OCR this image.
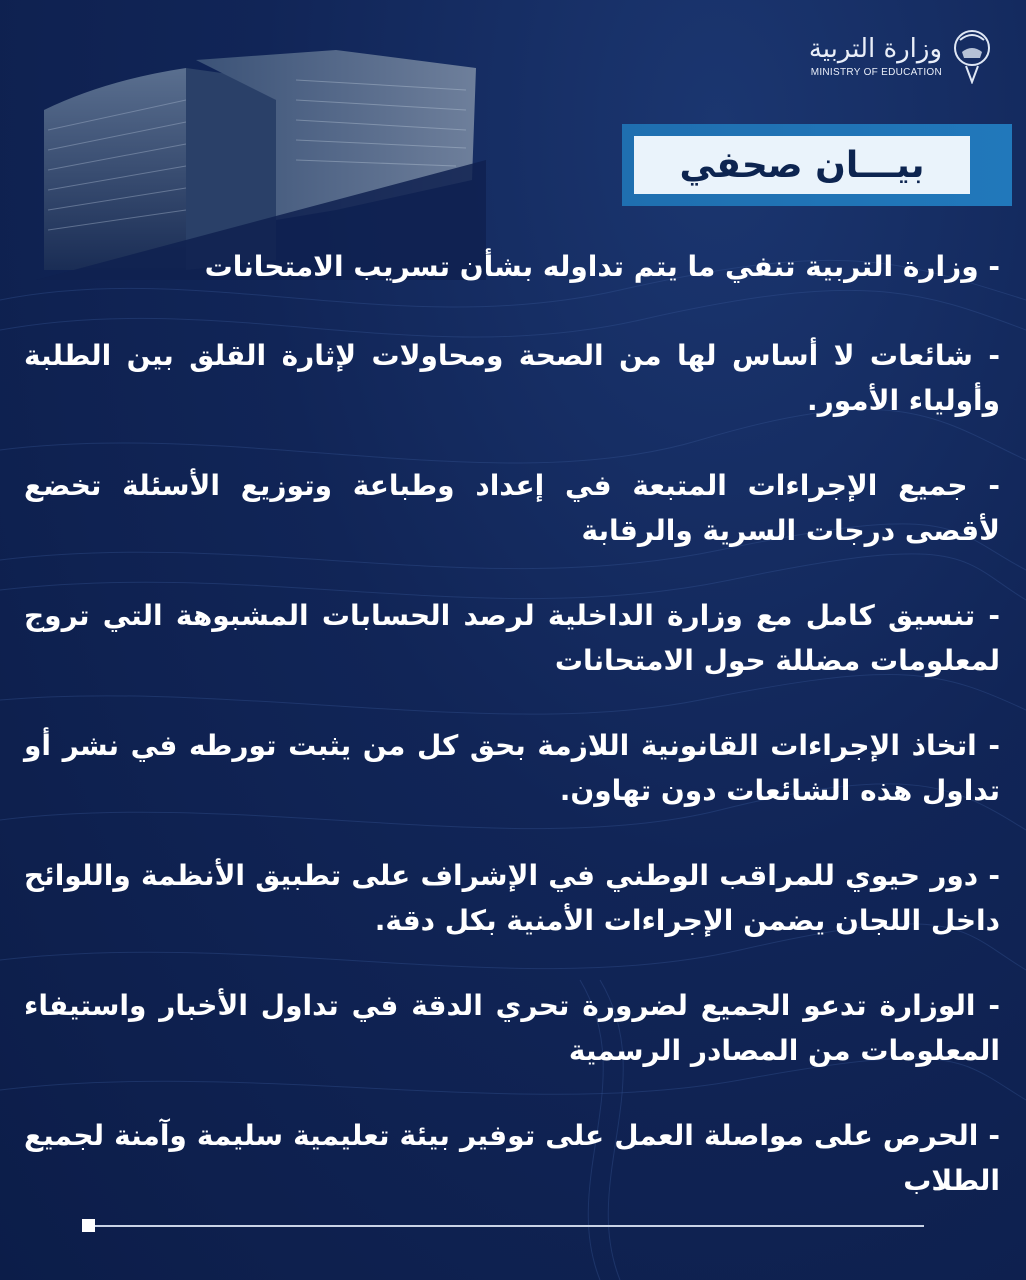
وزارة التربية
MINISTRY OF EDUCATION
بيـــان صحفي

- وزارة التربية تنفي ما يتم تداوله بشأن تسريب الامتحانات

- شائعات لا أساس لها من الصحة ومحاولات لإثارة القلق بين الطلبة وأولياء الأمور.

- جميع الإجراءات المتبعة في إعداد وطباعة وتوزيع الأسئلة تخضع لأقصى درجات السرية والرقابة

- تنسيق كامل مع وزارة الداخلية لرصد الحسابات المشبوهة التي تروج لمعلومات مضللة حول الامتحانات

- اتخاذ الإجراءات القانونية اللازمة بحق كل من يثبت تورطه في نشر أو تداول هذه الشائعات دون تهاون.

- دور حيوي للمراقب الوطني في الإشراف على تطبيق الأنظمة واللوائح داخل اللجان يضمن الإجراءات الأمنية بكل دقة.

- الوزارة تدعو الجميع لضرورة تحري الدقة في تداول الأخبار واستيفاء المعلومات من المصادر الرسمية

- الحرص على مواصلة العمل على توفير بيئة تعليمية سليمة وآمنة لجميع الطلاب
